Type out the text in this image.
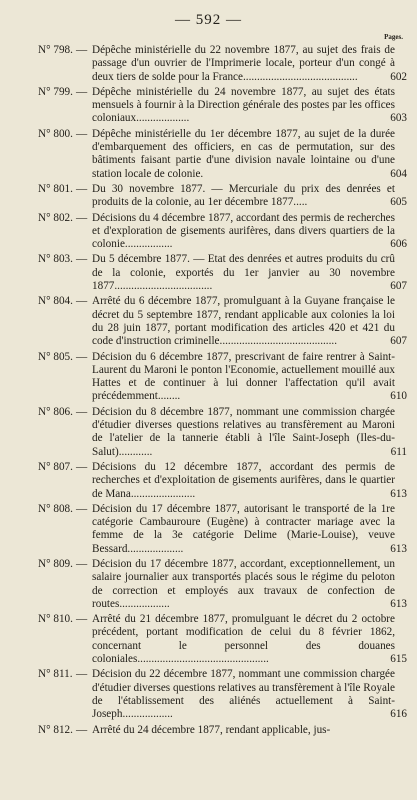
— 592 —
Pages.
N° 798. — Dépêche ministérielle du 22 novembre 1877, au sujet des frais de passage d'un ouvrier de l'Imprimerie locale, porteur d'un congé à deux tiers de solde pour la France.........................................	602
N° 799. — Dépêche ministérielle du 24 novembre 1877, au sujet des états mensuels à fournir à la Direction générale des postes par les offices coloniaux...................	603
N° 800. — Dépêche ministérielle du 1er décembre 1877, au sujet de la durée d'embarquement des officiers, en cas de permutation, sur des bâtiments faisant partie d'une division navale lointaine ou d'une station locale de colonie.	604
N° 801. — Du 30 novembre 1877. — Mercuriale du prix des denrées et produits de la colonie, au 1er décembre 1877.....	605
N° 802. — Décisions du 4 décembre 1877, accordant des permis de recherches et d'exploration de gisements aurifères, dans divers quartiers de la colonie.................	606
N° 803. — Du 5 décembre 1877. — Etat des denrées et autres produits du crû de la colonie, exportés du 1er janvier au 30 novembre 1877...................................	607
N° 804. — Arrêté du 6 décembre 1877, promulguant à la Guyane française le décret du 5 septembre 1877, rendant applicable aux colonies la loi du 28 juin 1877, portant modification des articles 420 et 421 du code d'instruction criminelle..........................................	607
N° 805. — Décision du 6 décembre 1877, prescrivant de faire rentrer à Saint-Laurent du Maroni le ponton l'Economie, actuellement mouillé aux Hattes et de continuer à lui donner l'affectation qu'il avait précédemment........	610
N° 806. — Décision du 8 décembre 1877, nommant une commission chargée d'étudier diverses questions relatives au transfèrement au Maroni de l'atelier de la tannerie établi à l'île Saint-Joseph (Iles-du-Salut)............	611
N° 807. — Décisions du 12 décembre 1877, accordant des permis de recherches et d'exploitation de gisements aurifères, dans le quartier de Mana.......................	613
N° 808. — Décision du 17 décembre 1877, autorisant le transporté de la 1re catégorie Cambauroure (Eugène) à contracter mariage avec la femme de la 3e catégorie Delime (Marie-Louise), veuve Bessard....................	613
N° 809. — Décision du 17 décembre 1877, accordant, exceptionnellement, un salaire journalier aux transportés placés sous le régime du peloton de correction et employés aux travaux de confection de routes..................	613
N° 810. — Arrêté du 21 décembre 1877, promulguant le décret du 2 octobre précédent, portant modification de celui du 8 février 1862, concernant le personnel des douanes coloniales...............................................	615
N° 811. — Décision du 22 décembre 1877, nommant une commission chargée d'étudier diverses questions relatives au transfèrement à l'île Royale de l'établissement des aliénés actuellement à Saint-Joseph..................	616
N° 812. — Arrêté du 24 décembre 1877, rendant applicable, jus-
